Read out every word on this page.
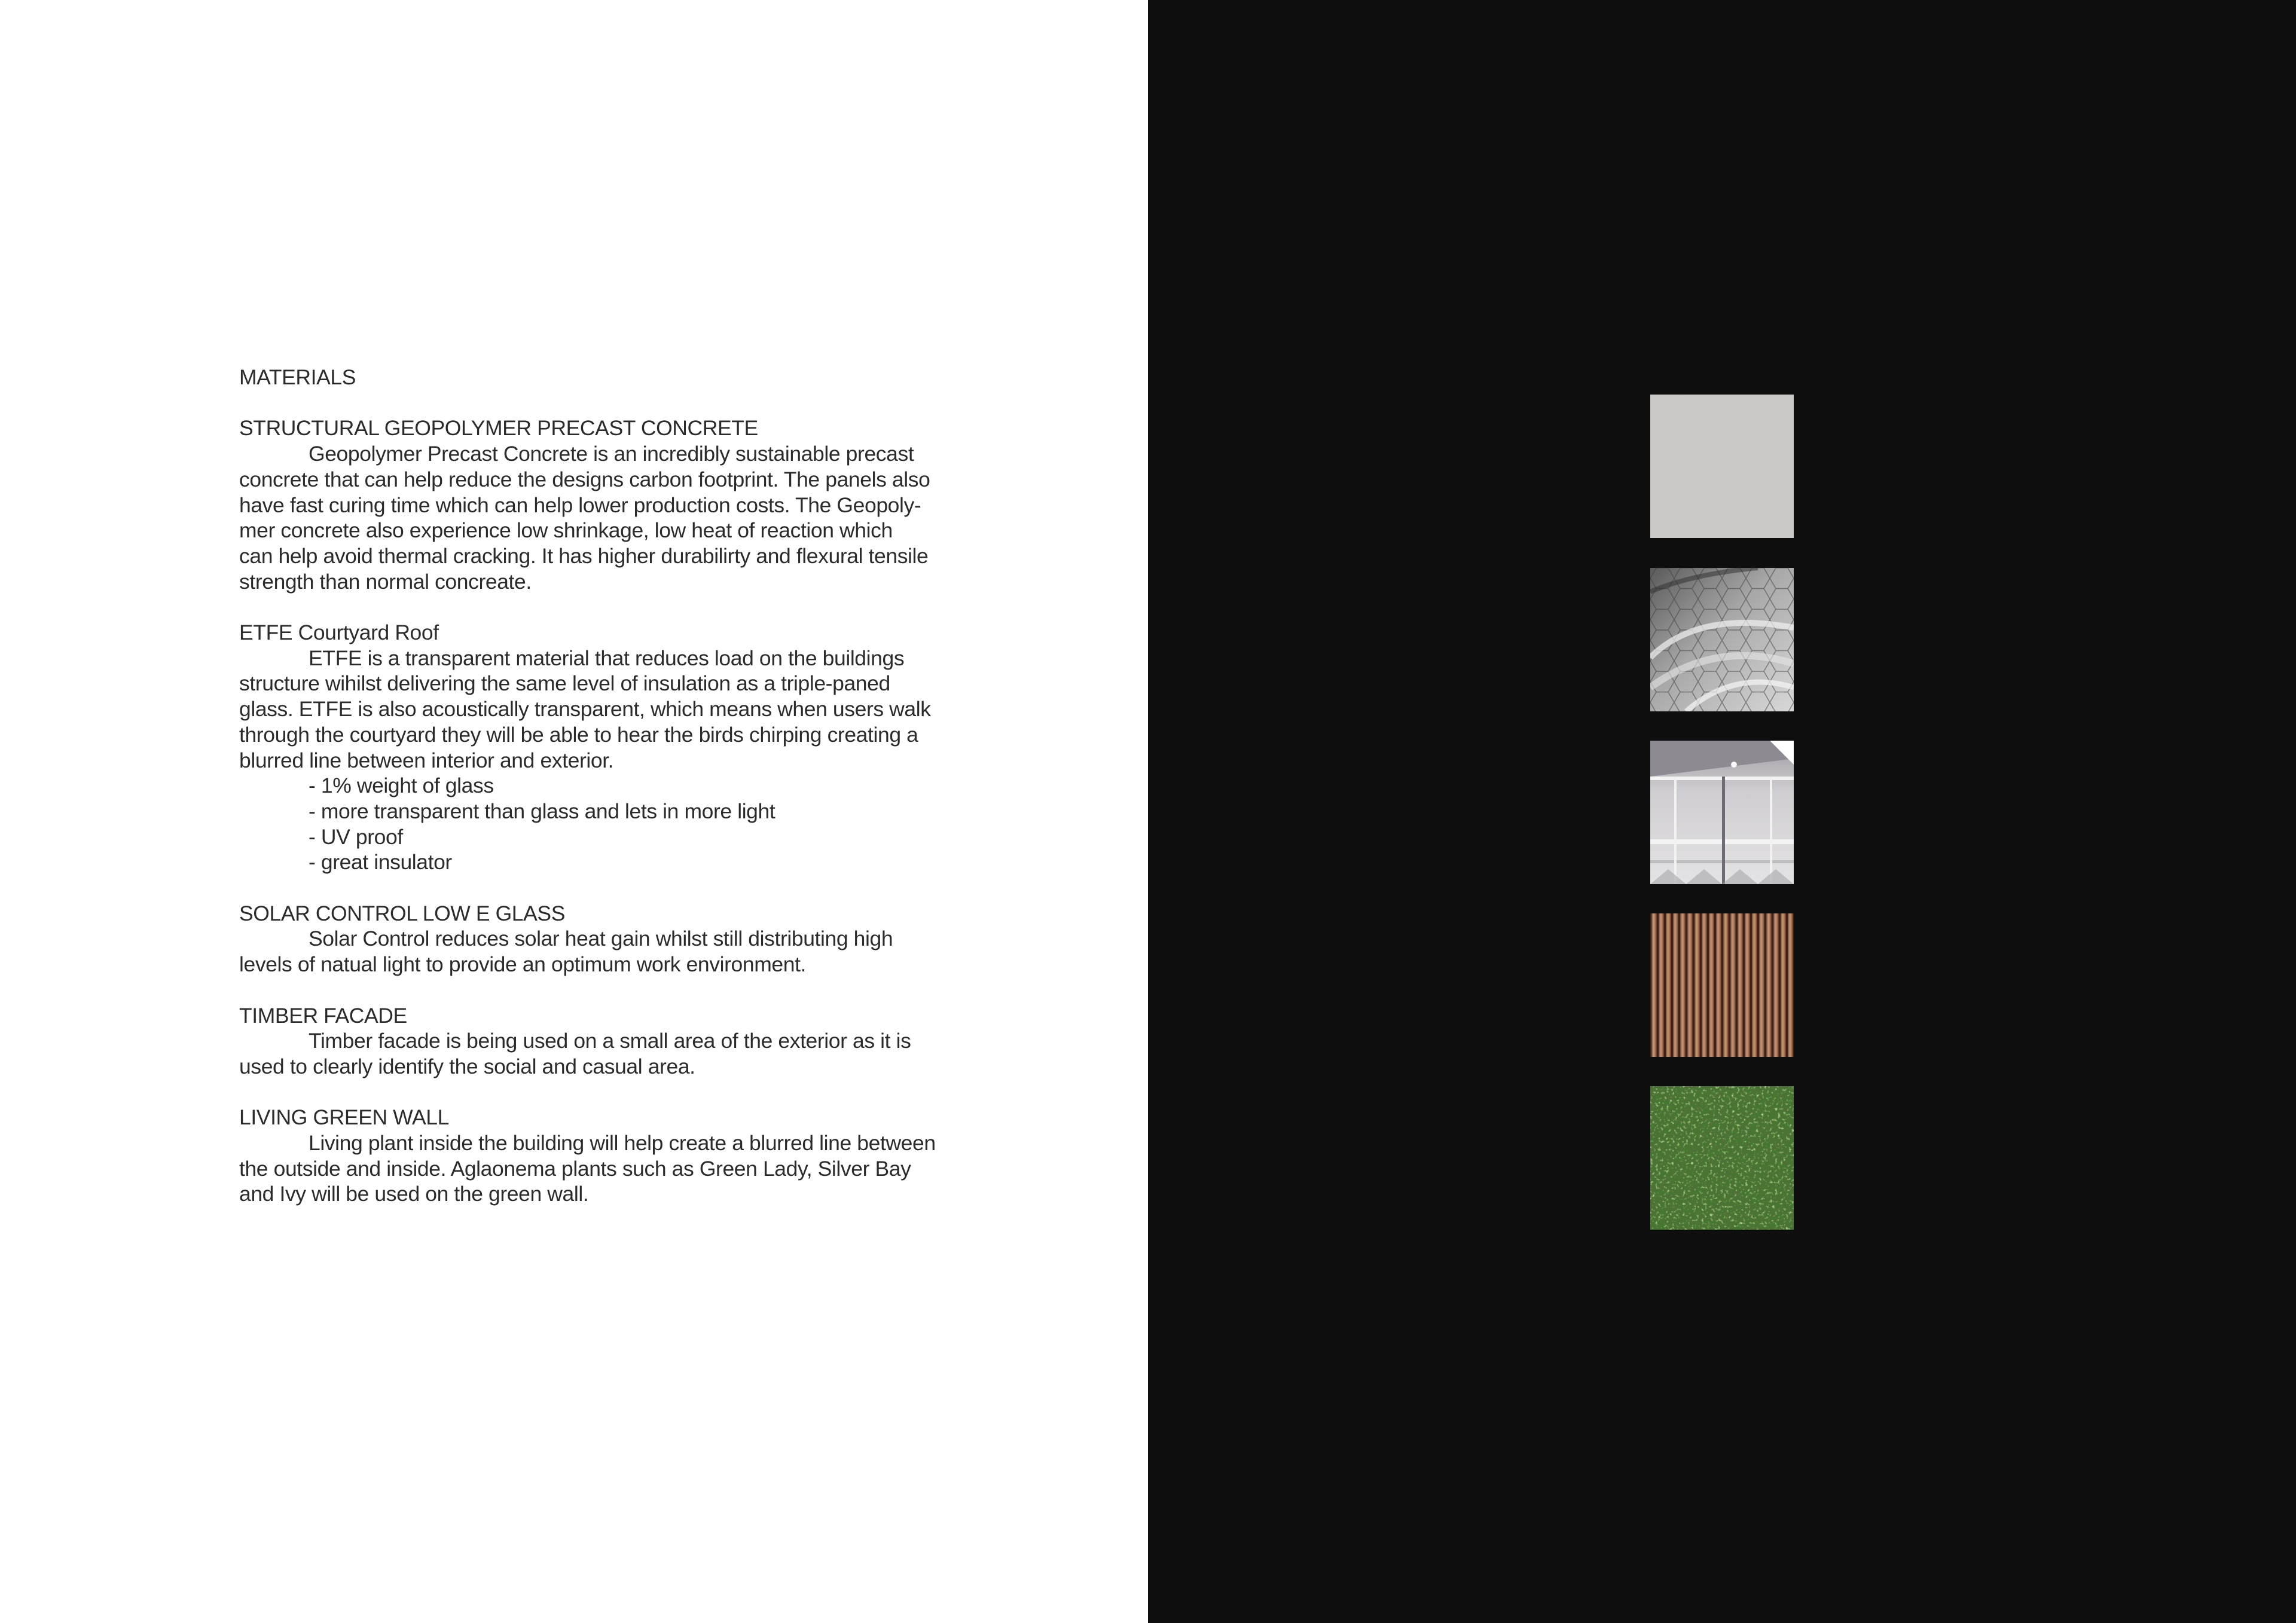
MATERIALS

STRUCTURAL GEOPOLYMER PRECAST CONCRETE

Geopolymer Precast Concrete is an incredibly sustainable precast

concrete that can help reduce the designs carbon footprint. The panels also

have fast curing time which can help lower production costs. The Geopoly-

mer concrete also experience low shrinkage, low heat of reaction which

can help avoid thermal cracking. It has higher durabilirty and flexural tensile

strength than normal concreate.

ETFE Courtyard Roof

ETFE is a transparent material that reduces load on the buildings

structure wihilst delivering the same level of insulation as a triple-paned

glass. ETFE is also acoustically transparent, which means when users walk

through the courtyard they will be able to hear the birds chirping creating a

blurred line between interior and exterior.

- 1% weight of glass

- more transparent than glass and lets in more light

- UV proof

- great insulator

SOLAR CONTROL LOW E GLASS

Solar Control reduces solar heat gain whilst still distributing high

levels of natual light to provide an optimum work environment.

TIMBER FACADE

Timber facade is being used on a small area of the exterior as it is

used to clearly identify the social and casual area.

LIVING GREEN WALL

Living plant inside the building will help create a blurred line between

the outside and inside. Aglaonema plants such as Green Lady, Silver Bay

and Ivy will be used on the green wall.
